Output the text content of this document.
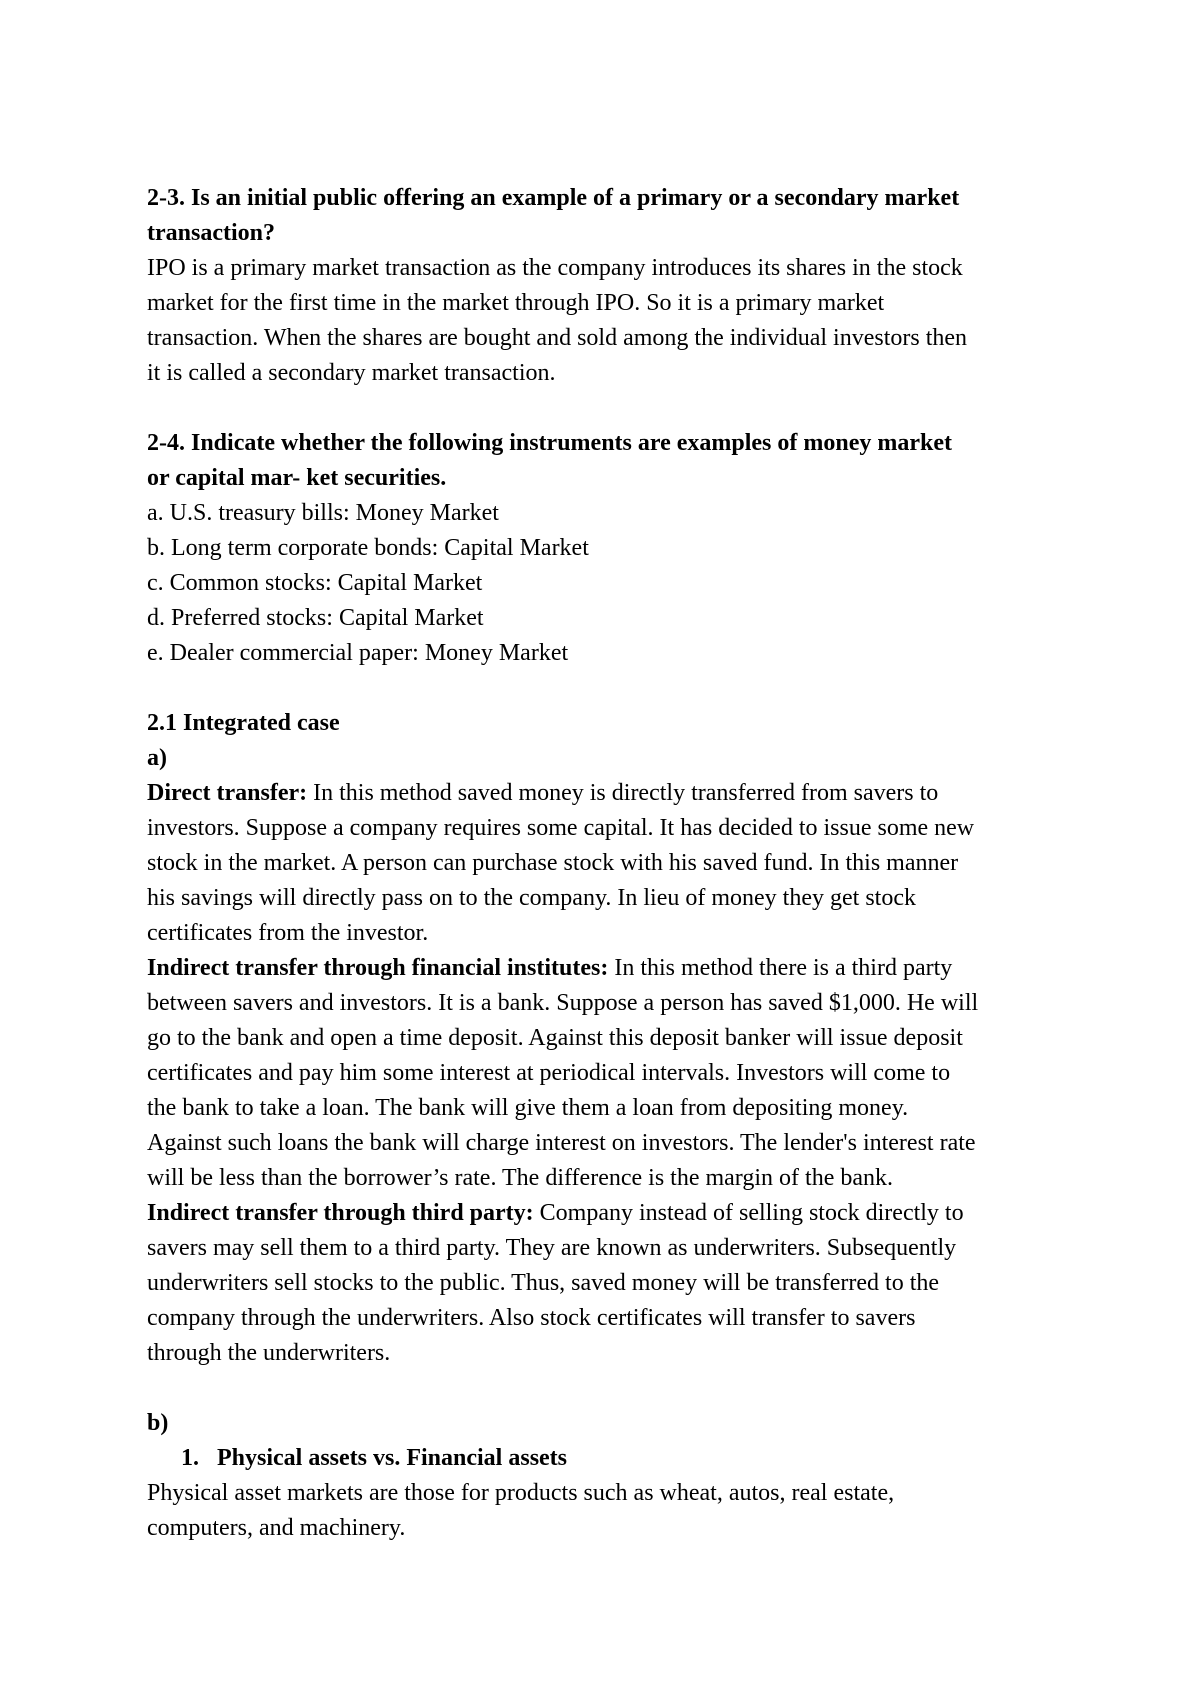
2-3. Is an initial public offering an example of a primary or a secondary market
transaction?
IPO is a primary market transaction as the company introduces its shares in the stock
market for the first time in the market through IPO. So it is a primary market
transaction. When the shares are bought and sold among the individual investors then
it is called a secondary market transaction.
2-4. Indicate whether the following instruments are examples of money market
or capital mar- ket securities.
a. U.S. treasury bills: Money Market
b. Long term corporate bonds: Capital Market
c. Common stocks: Capital Market
d. Preferred stocks: Capital Market
e. Dealer commercial paper: Money Market
2.1 Integrated case
a)
Direct transfer: In this method saved money is directly transferred from savers to
investors. Suppose a company requires some capital. It has decided to issue some new
stock in the market. A person can purchase stock with his saved fund. In this manner
his savings will directly pass on to the company. In lieu of money they get stock
certificates from the investor.
Indirect transfer through financial institutes: In this method there is a third party
between savers and investors. It is a bank. Suppose a person has saved $1,000. He will
go to the bank and open a time deposit. Against this deposit banker will issue deposit
certificates and pay him some interest at periodical intervals. Investors will come to
the bank to take a loan. The bank will give them a loan from depositing money.
Against such loans the bank will charge interest on investors. The lender's interest rate
will be less than the borrower’s rate. The difference is the margin of the bank.
Indirect transfer through third party: Company instead of selling stock directly to
savers may sell them to a third party. They are known as underwriters. Subsequently
underwriters sell stocks to the public. Thus, saved money will be transferred to the
company through the underwriters. Also stock certificates will transfer to savers
through the underwriters.
b)
1. Physical assets vs. Financial assets
Physical asset markets are those for products such as wheat, autos, real estate,
computers, and machinery.
